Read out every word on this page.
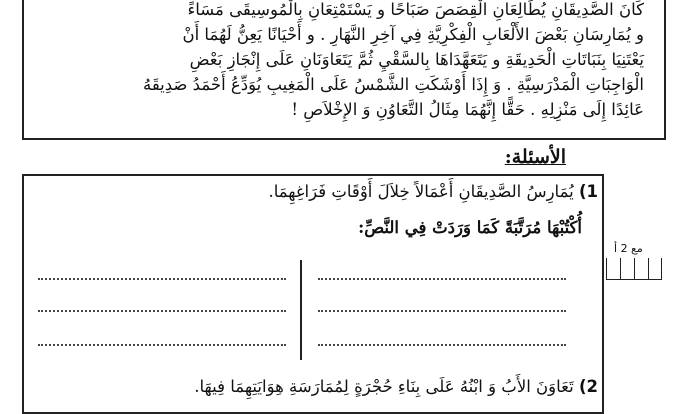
كَانَ الصَّدِيقَانِ يُطَالِعَانِ الْقِصَصَ صَبَاحًا و يَسْتَمْتِعَانِ بِالْمُوسِيقَى مَسَاءً
و يُمَارِسَانِ بَعْضَ الأَلْعَابِ الْفِكْرِيَّةِ فِي آخِرِ النَّهَارِ . و أَحْيَانًا يَعِنُّ لَهُمَا أَنْ
يَعْتَنِيَا بِنَبَاتَاتِ الْحَدِيقَةِ و يَتَعَهَّدَاهَا بِالسَّقْيِ ثُمَّ يَتَعَاوَنَانِ عَلَى إِنْجَازِ بَعْضِ
الْوَاجِبَاتِ الْمَدْرَسِيَّةِ . وَ إِذَا أَوْشَكَتِ الشَّمْسُ عَلَى الْمَغِيبِ يُوَدِّعُ أَحْمَدُ صَدِيقَهُ
عَائِدًا إِلَى مَنْزِلِهِ . حَقًّا إِنَّهُمَا مِثَالُ التَّعَاوُنِ وَ الإِخْلاَصِ !
الأسئلة:
1) يُمَارِسُ الصَّدِيقَانِ أَعْمَالاً خِلاَلَ أَوْقَاتِ فَرَاغِهِمَا.
أُكْتُبْهَا مُرَتَّبَةً كَمَا وَرَدَتْ فِي النَّصِّ:
2) تَعَاوَنَ الأَبُ وَ ابْنُهُ عَلَى بِنَاءِ حُجْرَةٍ لِمُمَارَسَةِ هِوَايَتِهِمَا فِيهَا.
مع 2 أ
